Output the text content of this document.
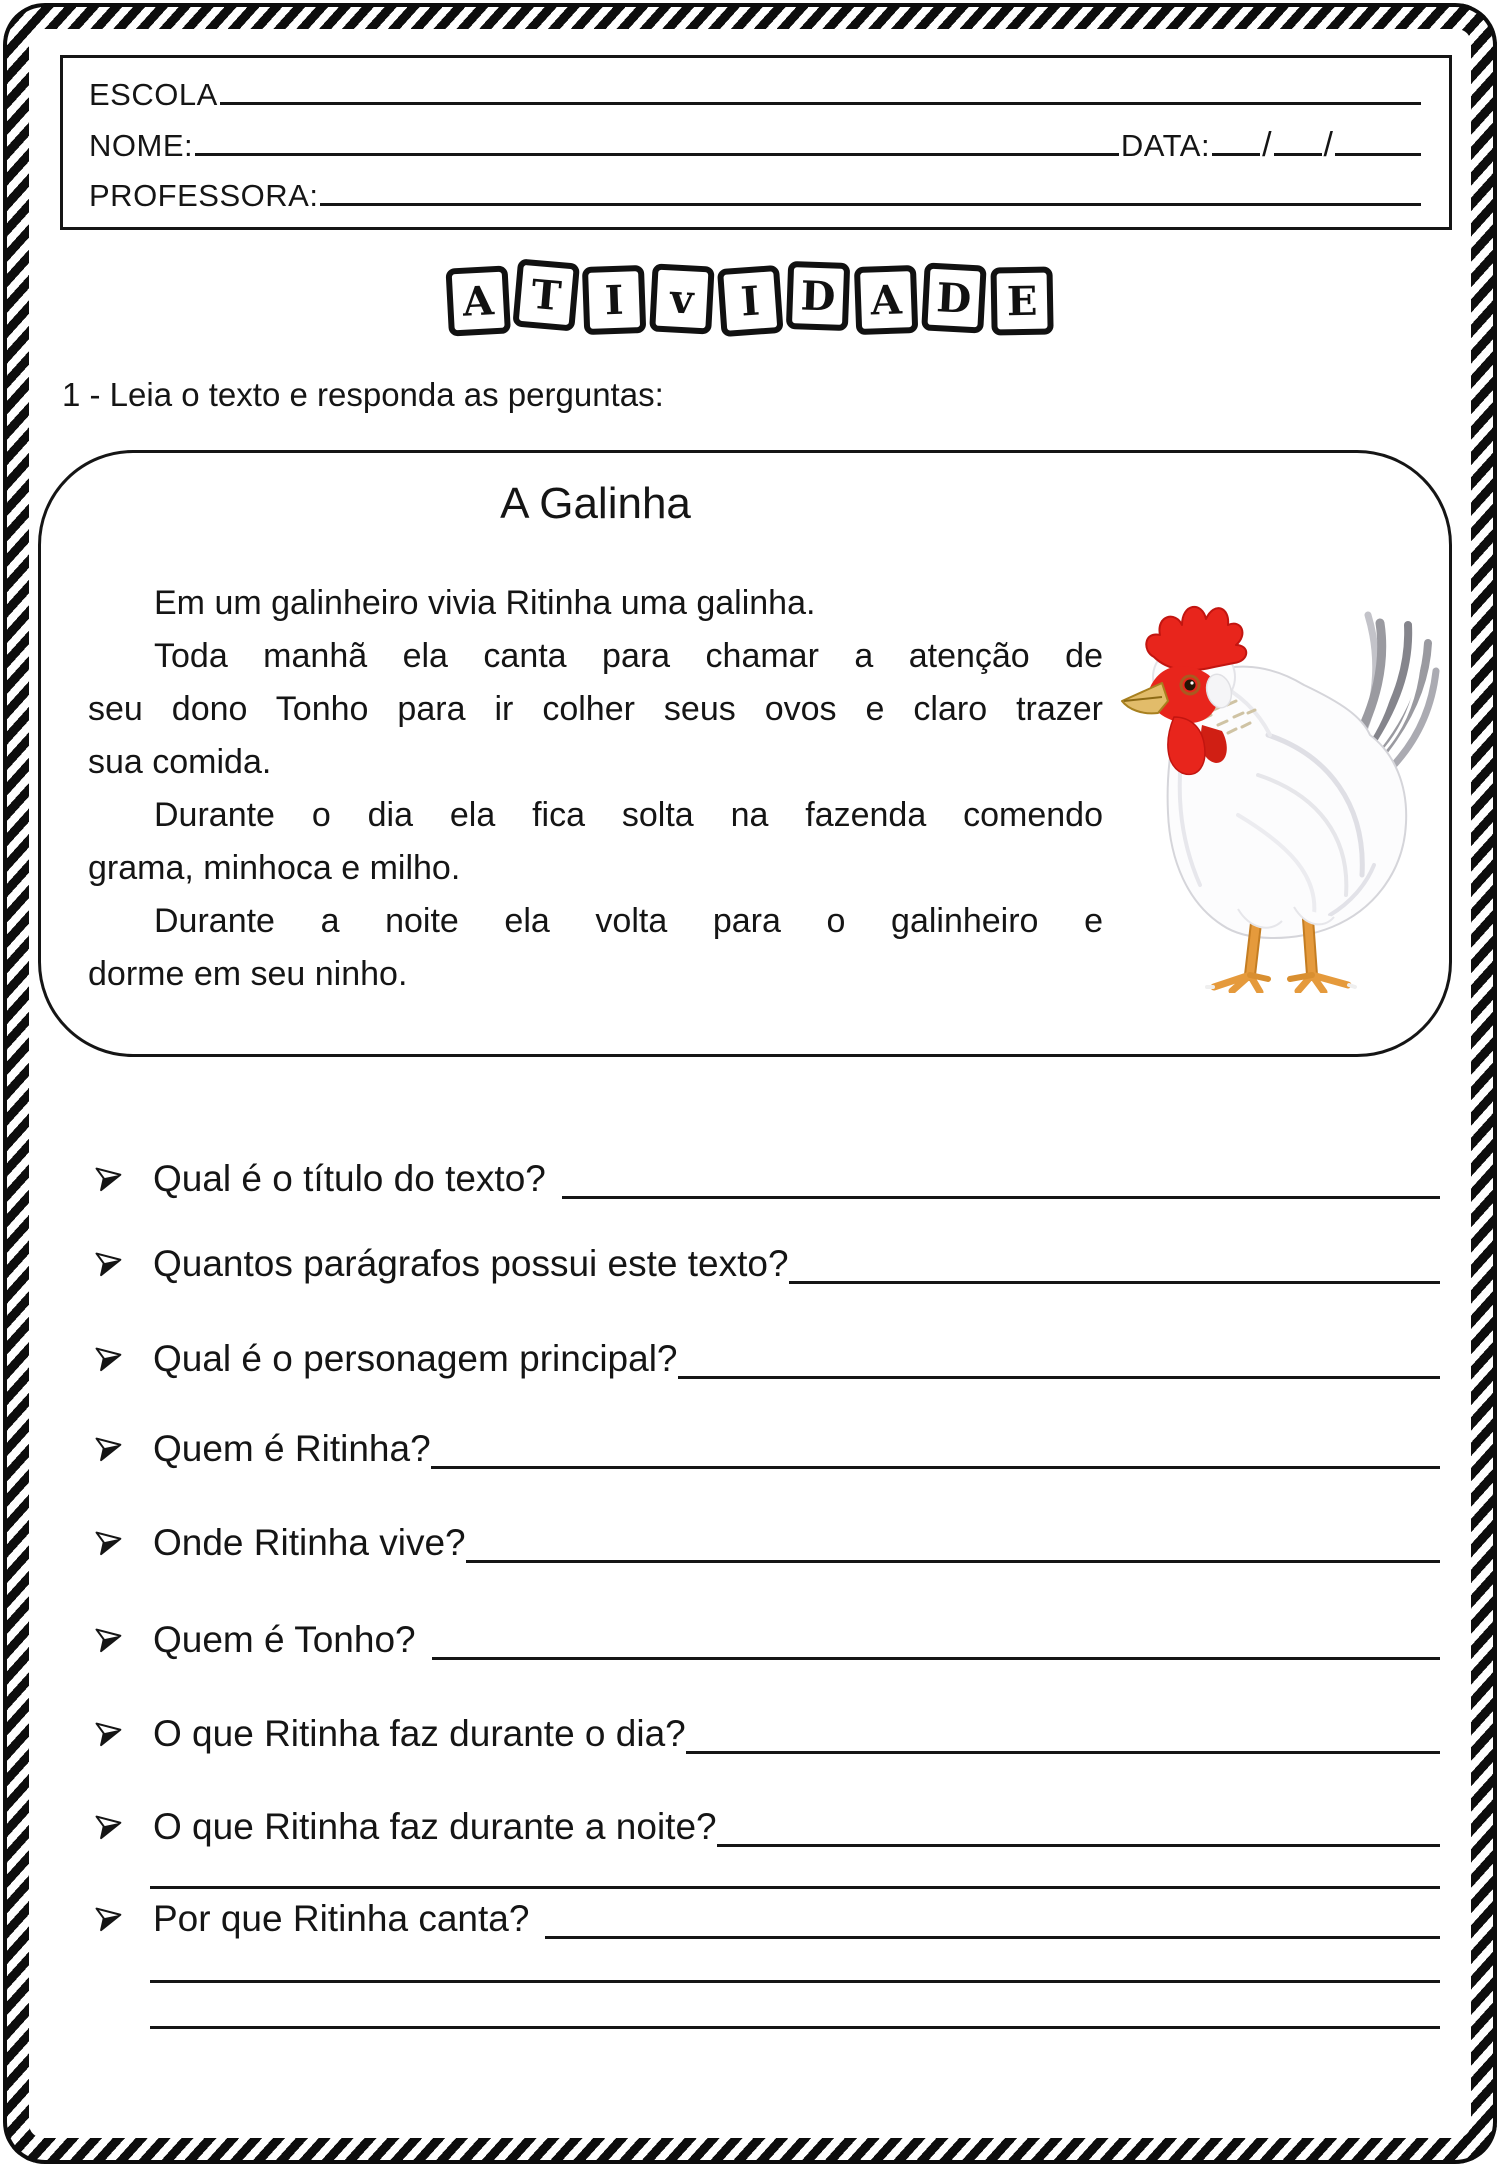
ESCOLA
NOME:	DATA: / /
PROFESSORA:
A T	I	v	I D A D E
1 - Leia o texto e responda as perguntas:
A Galinha
Em um galinheiro vivia Ritinha uma galinha.
Toda manhã ela canta para chamar a atenção de
seu dono Tonho para ir colher seus ovos e claro trazer
sua comida.
Durante o dia ela fica solta na fazenda comendo
grama, minhoca e milho.
Durante a noite ela volta para o galinheiro e
dorme em seu ninho.
Qual é o título do texto?
Quantos parágrafos possui este texto?
Qual é o personagem principal?
Quem é Ritinha?
Onde Ritinha vive?
Quem é Tonho?
O que Ritinha faz durante o dia?
O que Ritinha faz durante a noite?
Por que Ritinha canta?
